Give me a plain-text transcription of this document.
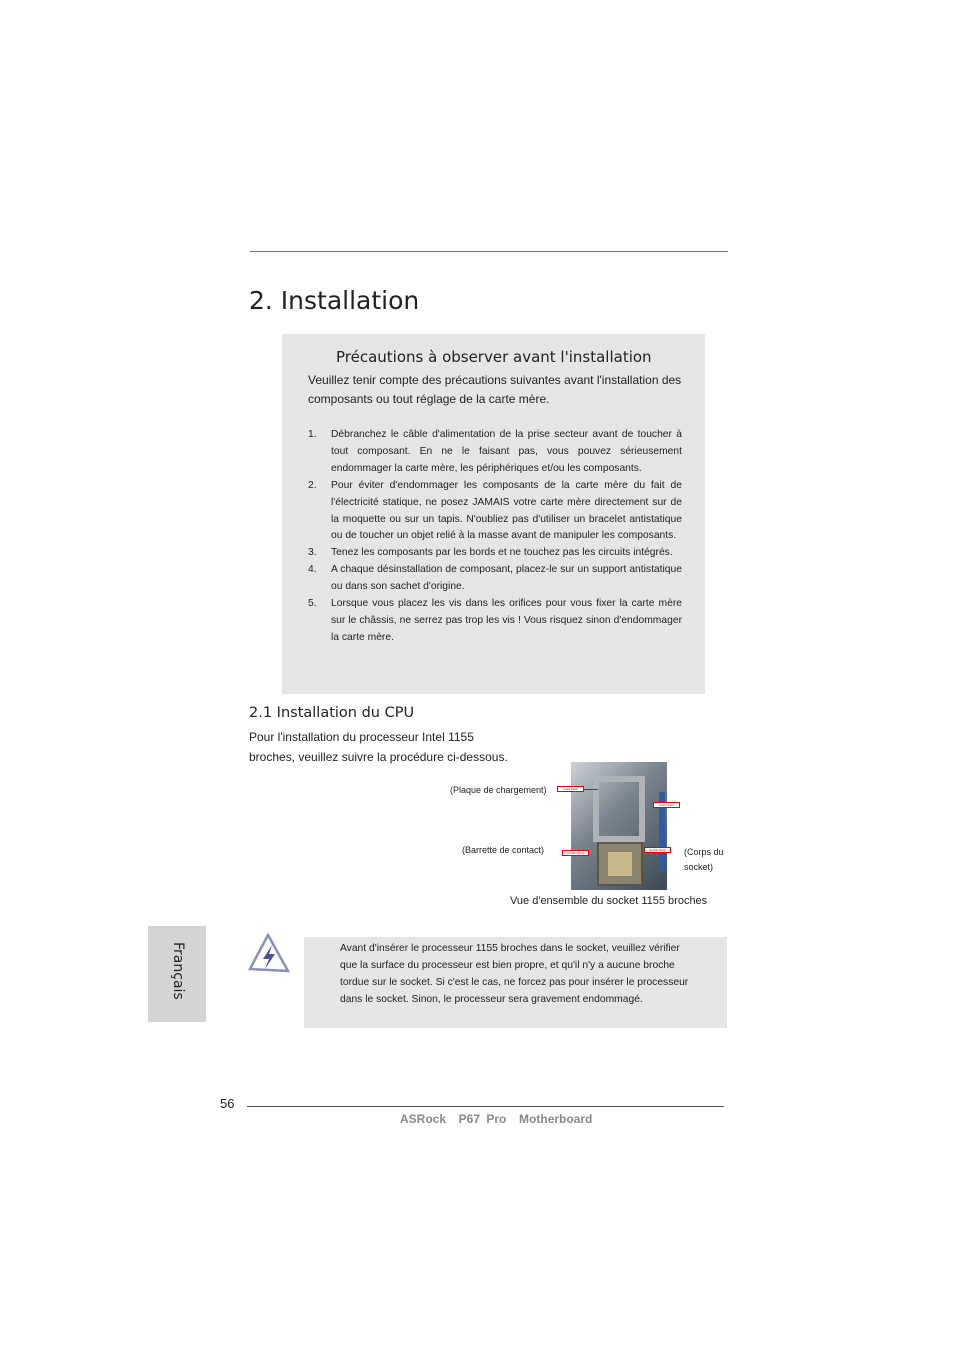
2. Installation
Précautions à observer avant l'installation

Veuillez tenir compte des précautions suivantes avant l'installation des composants ou tout réglage de la carte mère.

1. Débranchez le câble d'alimentation de la prise secteur avant de toucher à tout composant. En ne le faisant pas, vous pouvez sérieusement endommager la carte mère, les périphériques et/ou les composants.
2. Pour éviter d'endommager les composants de la carte mère du fait de l'électricité statique, ne posez JAMAIS votre carte mère directement sur de la moquette ou sur un tapis. N'oubliez pas d'utiliser un bracelet antistatique ou de toucher un objet relié à la masse avant de manipuler les composants.
3. Tenez les composants par les bords et ne touchez pas les circuits intégrés.
4. A chaque désinstallation de composant, placez-le sur un support antistatique ou dans son sachet d'origine.
5. Lorsque vous placez les vis dans les orifices pour vous fixer la carte mère sur le châssis, ne serrez pas trop les vis ! Vous risquez sinon d'endommager la carte mère.
2.1 Installation du CPU
Pour l'installation du processeur Intel 1155 broches, veuillez suivre la procédure ci-dessous.
(Plaque de chargement)
(Barrette de contact)	(Corps du socket)
Load Plate
Load Lever
Contact Array
Socket Body
Vue d'ensemble du socket 1155 broches

Avant d'insérer le processeur 1155 broches dans le socket, veuillez vérifier que la surface du processeur est bien propre, et qu'il n'y a aucune broche tordue sur le socket. Si c'est le cas, ne forcez pas pour insérer le processeur dans le socket. Sinon, le processeur sera gravement endommagé.

Français
56
ASRock  P67 Pro  Motherboard
